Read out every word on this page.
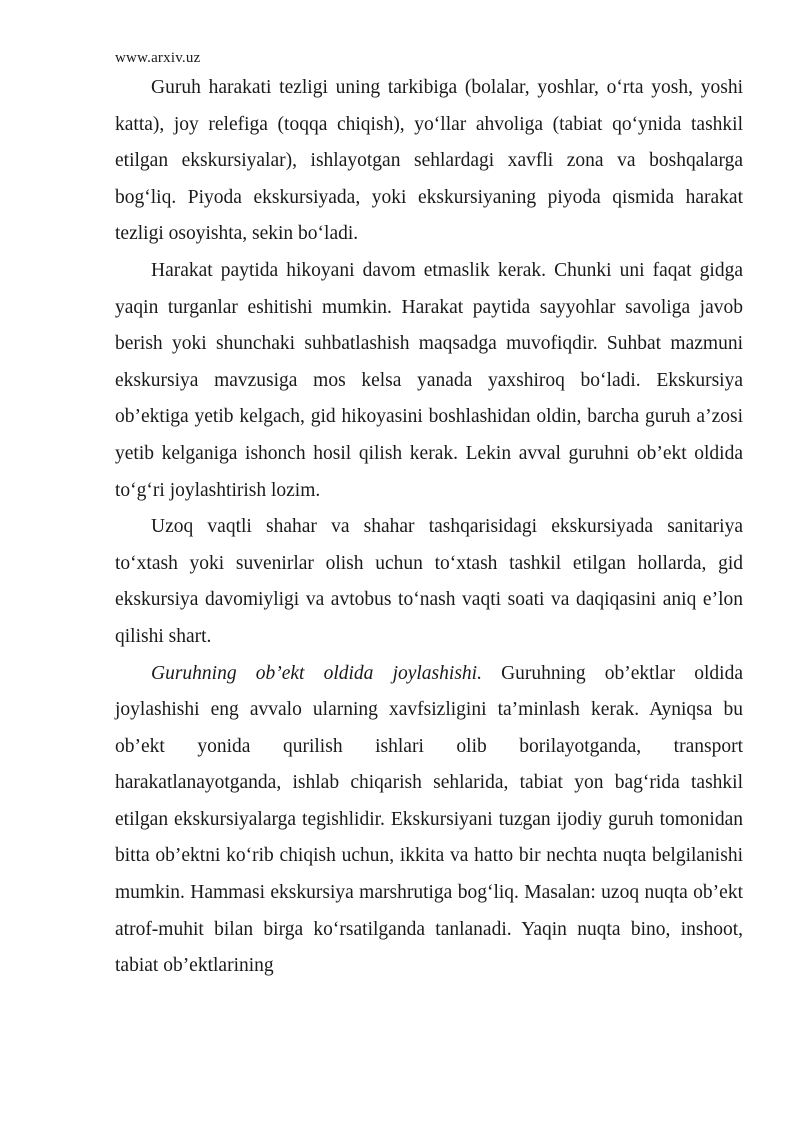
www.arxiv.uz

Guruh harakati tezligi uning tarkibiga (bolalar, yoshlar, o‘rta yosh, yoshi katta), joy relefiga (toqqa chiqish), yo‘llar ahvoliga (tabiat qo‘ynida tashkil etilgan ekskursiyalar), ishlayotgan sehlardagi xavfli zona va boshqalarga bog‘liq. Piyoda ekskursiyada, yoki ekskursiyaning piyoda qismida harakat tezligi osoyishta, sekin bo‘ladi.

Harakat paytida hikoyani davom etmaslik kerak. Chunki uni faqat gidga yaqin turganlar eshitishi mumkin. Harakat paytida sayyohlar savoliga javob berish yoki shunchaki suhbatlashish maqsadga muvofiqdir. Suhbat mazmuni ekskursiya mavzusiga mos kelsa yanada yaxshiroq bo‘ladi. Ekskursiya ob’ektiga yetib kelgach, gid hikoyasini boshlashidan oldin, barcha guruh a’zosi yetib kelganiga ishonch hosil qilish kerak. Lekin avval guruhni ob’ekt oldida to‘g‘ri joylashtirish lozim.

Uzoq vaqtli shahar va shahar tashqarisidagi ekskursiyada sanitariya to‘xtash yoki suvenirlar olish uchun to‘xtash tashkil etilgan hollarda, gid ekskursiya davomiyligi va avtobus to‘nash vaqti soati va daqiqasini aniq e’lon qilishi shart.

Guruhning ob’ekt oldida joylashishi. Guruhning ob’ektlar oldida joylashishi eng avvalo ularning xavfsizligini ta’minlash kerak. Ayniqsa bu ob’ekt yonida qurilish ishlari olib borilayotganda, transport harakatlanayotganda, ishlab chiqarish sehlarida, tabiat yon bag‘rida tashkil etilgan ekskursiyalarga tegishlidir. Ekskursiyani tuzgan ijodiy guruh tomonidan bitta ob’ektni ko‘rib chiqish uchun, ikkita va hatto bir nechta nuqta belgilanishi mumkin. Hammasi ekskursiya marshrutiga bog‘liq. Masalan: uzoq nuqta ob’ekt atrof-muhit bilan birga ko‘rsatilganda tanlanadi. Yaqin nuqta bino, inshoot, tabiat ob’ektlarining
